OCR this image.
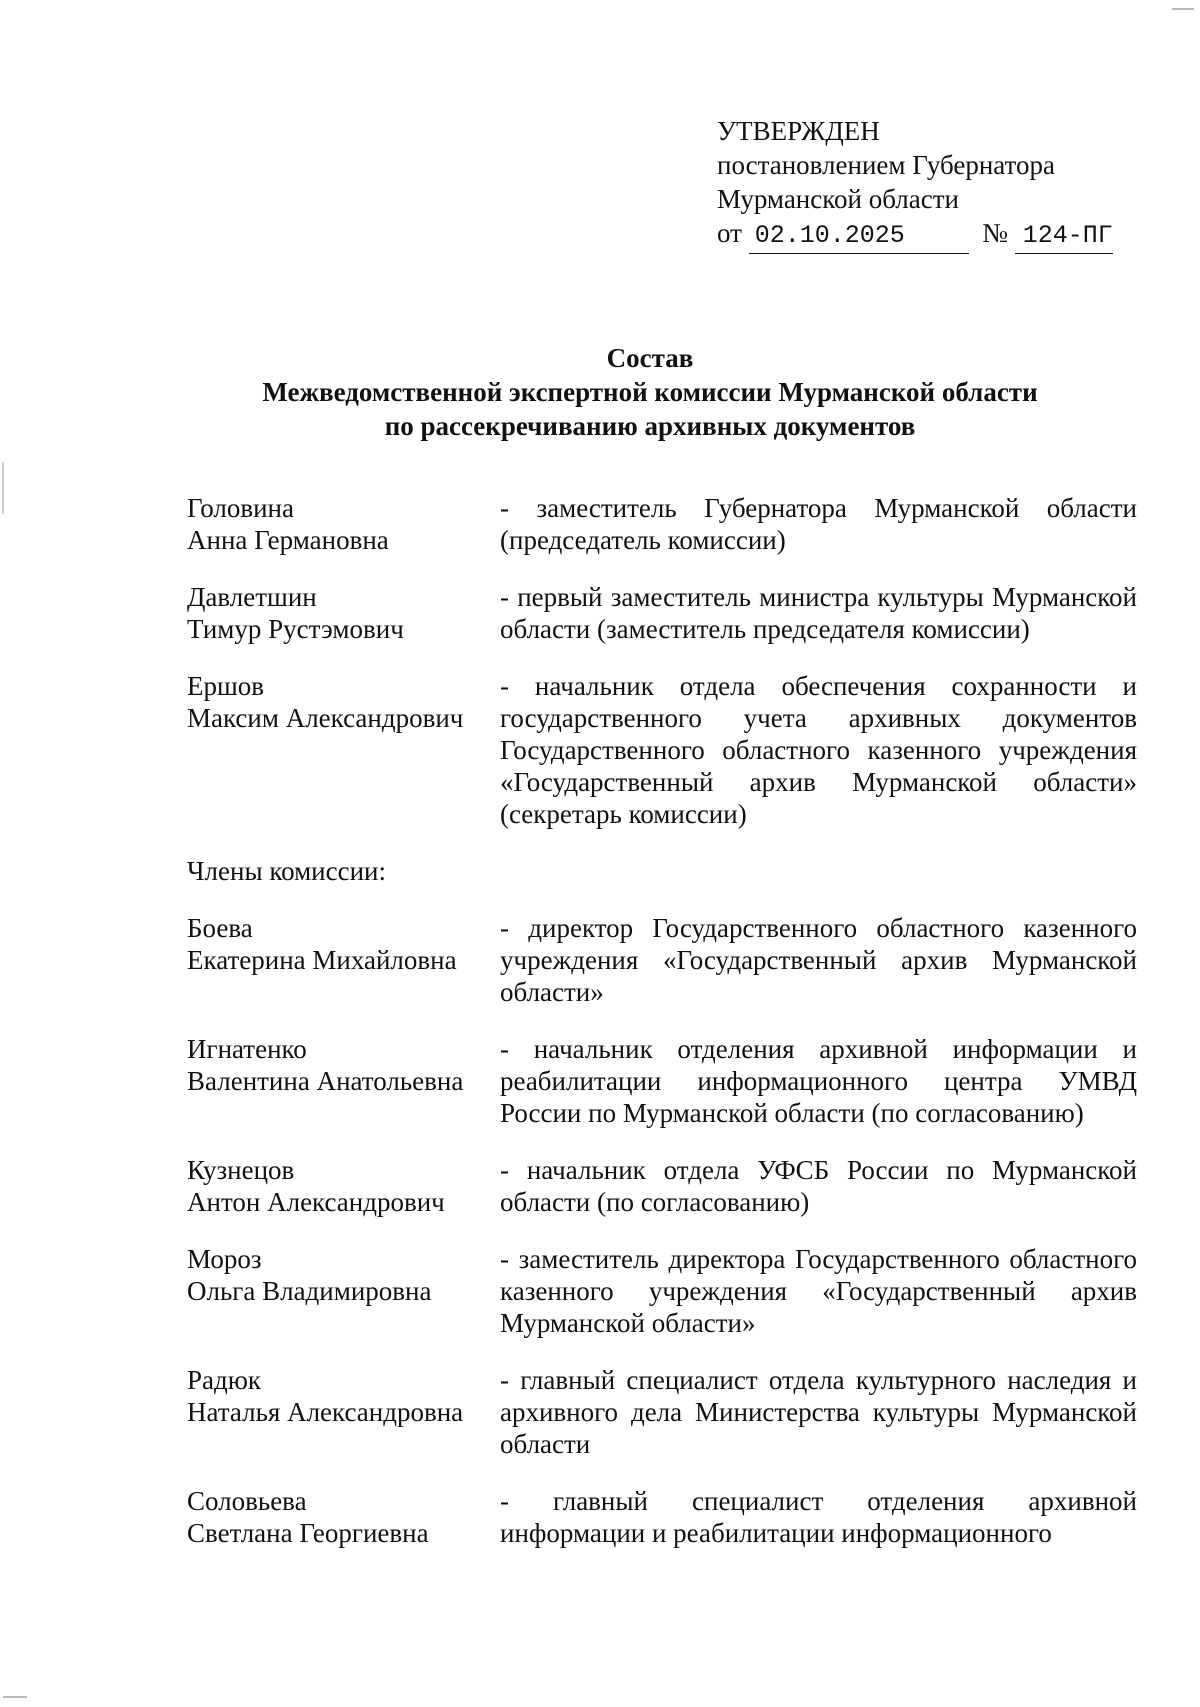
УТВЕРЖДЕН
постановлением Губернатора
Мурманской области
от 02.10.2025	№ 124-ПГ
Состав
Межведомственной экспертной комиссии Мурманской области
по рассекречиванию архивных документов
Головина
Анна Германовна
- заместитель Губернатора Мурманской области (председатель комиссии)
Давлетшин
Тимур Рустэмович
- первый заместитель министра культуры Мурманской области (заместитель председателя комиссии)
Ершов
Максим Александрович
- начальник отдела обеспечения сохранности и государственного учета архивных документов Государственного областного казенного учреждения «Государственный архив Мурманской области» (секретарь комиссии)
Члены комиссии:
Боева
Екатерина Михайловна
- директор Государственного областного казенного учреждения «Государственный архив Мурманской области»
Игнатенко
Валентина Анатольевна
- начальник отделения архивной информации и реабилитации информационного центра УМВД России по Мурманской области (по согласованию)
Кузнецов
Антон Александрович
- начальник отдела УФСБ России по Мурманской области (по согласованию)
Мороз
Ольга Владимировна
- заместитель директора Государственного областного казенного учреждения «Государственный архив Мурманской области»
Радюк
Наталья Александровна
- главный специалист отдела культурного наследия и архивного дела Министерства культуры Мурманской области
Соловьева
Светлана Георгиевна
- главный специалист отделения архивной информации и реабилитации информационного
